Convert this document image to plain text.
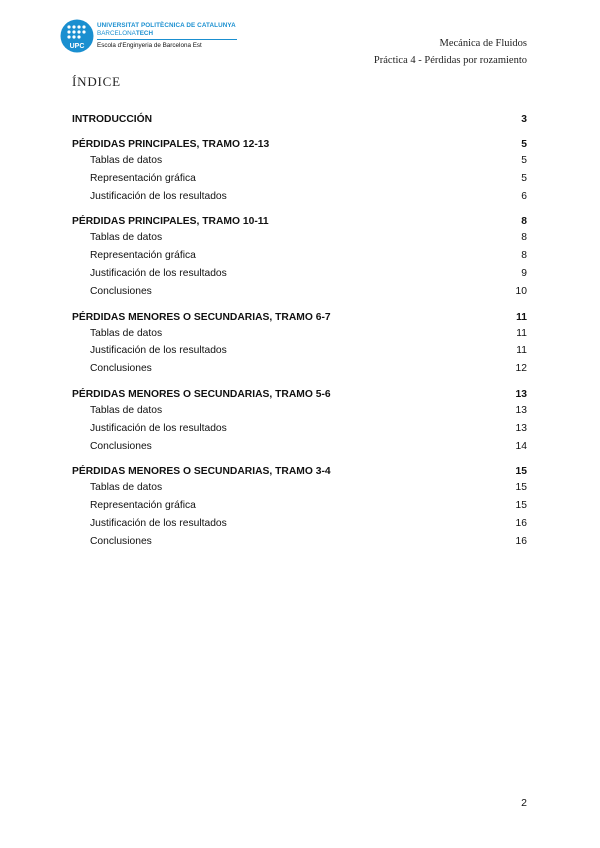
UPC
UNIVERSITAT POLITÈCNICA DE CATALUNYA
BARCELONATECH
Escola d'Enginyeria de Barcelona Est	Mecánica de Fluidos
Práctica 4 - Pérdidas por rozamiento
ÍNDICE
INTRODUCCIÓN	3
PÉRDIDAS PRINCIPALES, TRAMO 12-13	5
Tablas de datos	5
Representación gráfica	5
Justificación de los resultados	6
PÉRDIDAS PRINCIPALES, TRAMO 10-11	8
Tablas de datos	8
Representación gráfica	8
Justificación de los resultados	9
Conclusiones	10
PÉRDIDAS MENORES O SECUNDARIAS, TRAMO 6-7	11
Tablas de datos	11
Justificación de los resultados	11
Conclusiones	12
PÉRDIDAS MENORES O SECUNDARIAS, TRAMO 5-6	13
Tablas de datos	13
Justificación de los resultados	13
Conclusiones	14
PÉRDIDAS MENORES O SECUNDARIAS, TRAMO 3-4	15
Tablas de datos	15
Representación gráfica	15
Justificación de los resultados	16
Conclusiones	16
2
